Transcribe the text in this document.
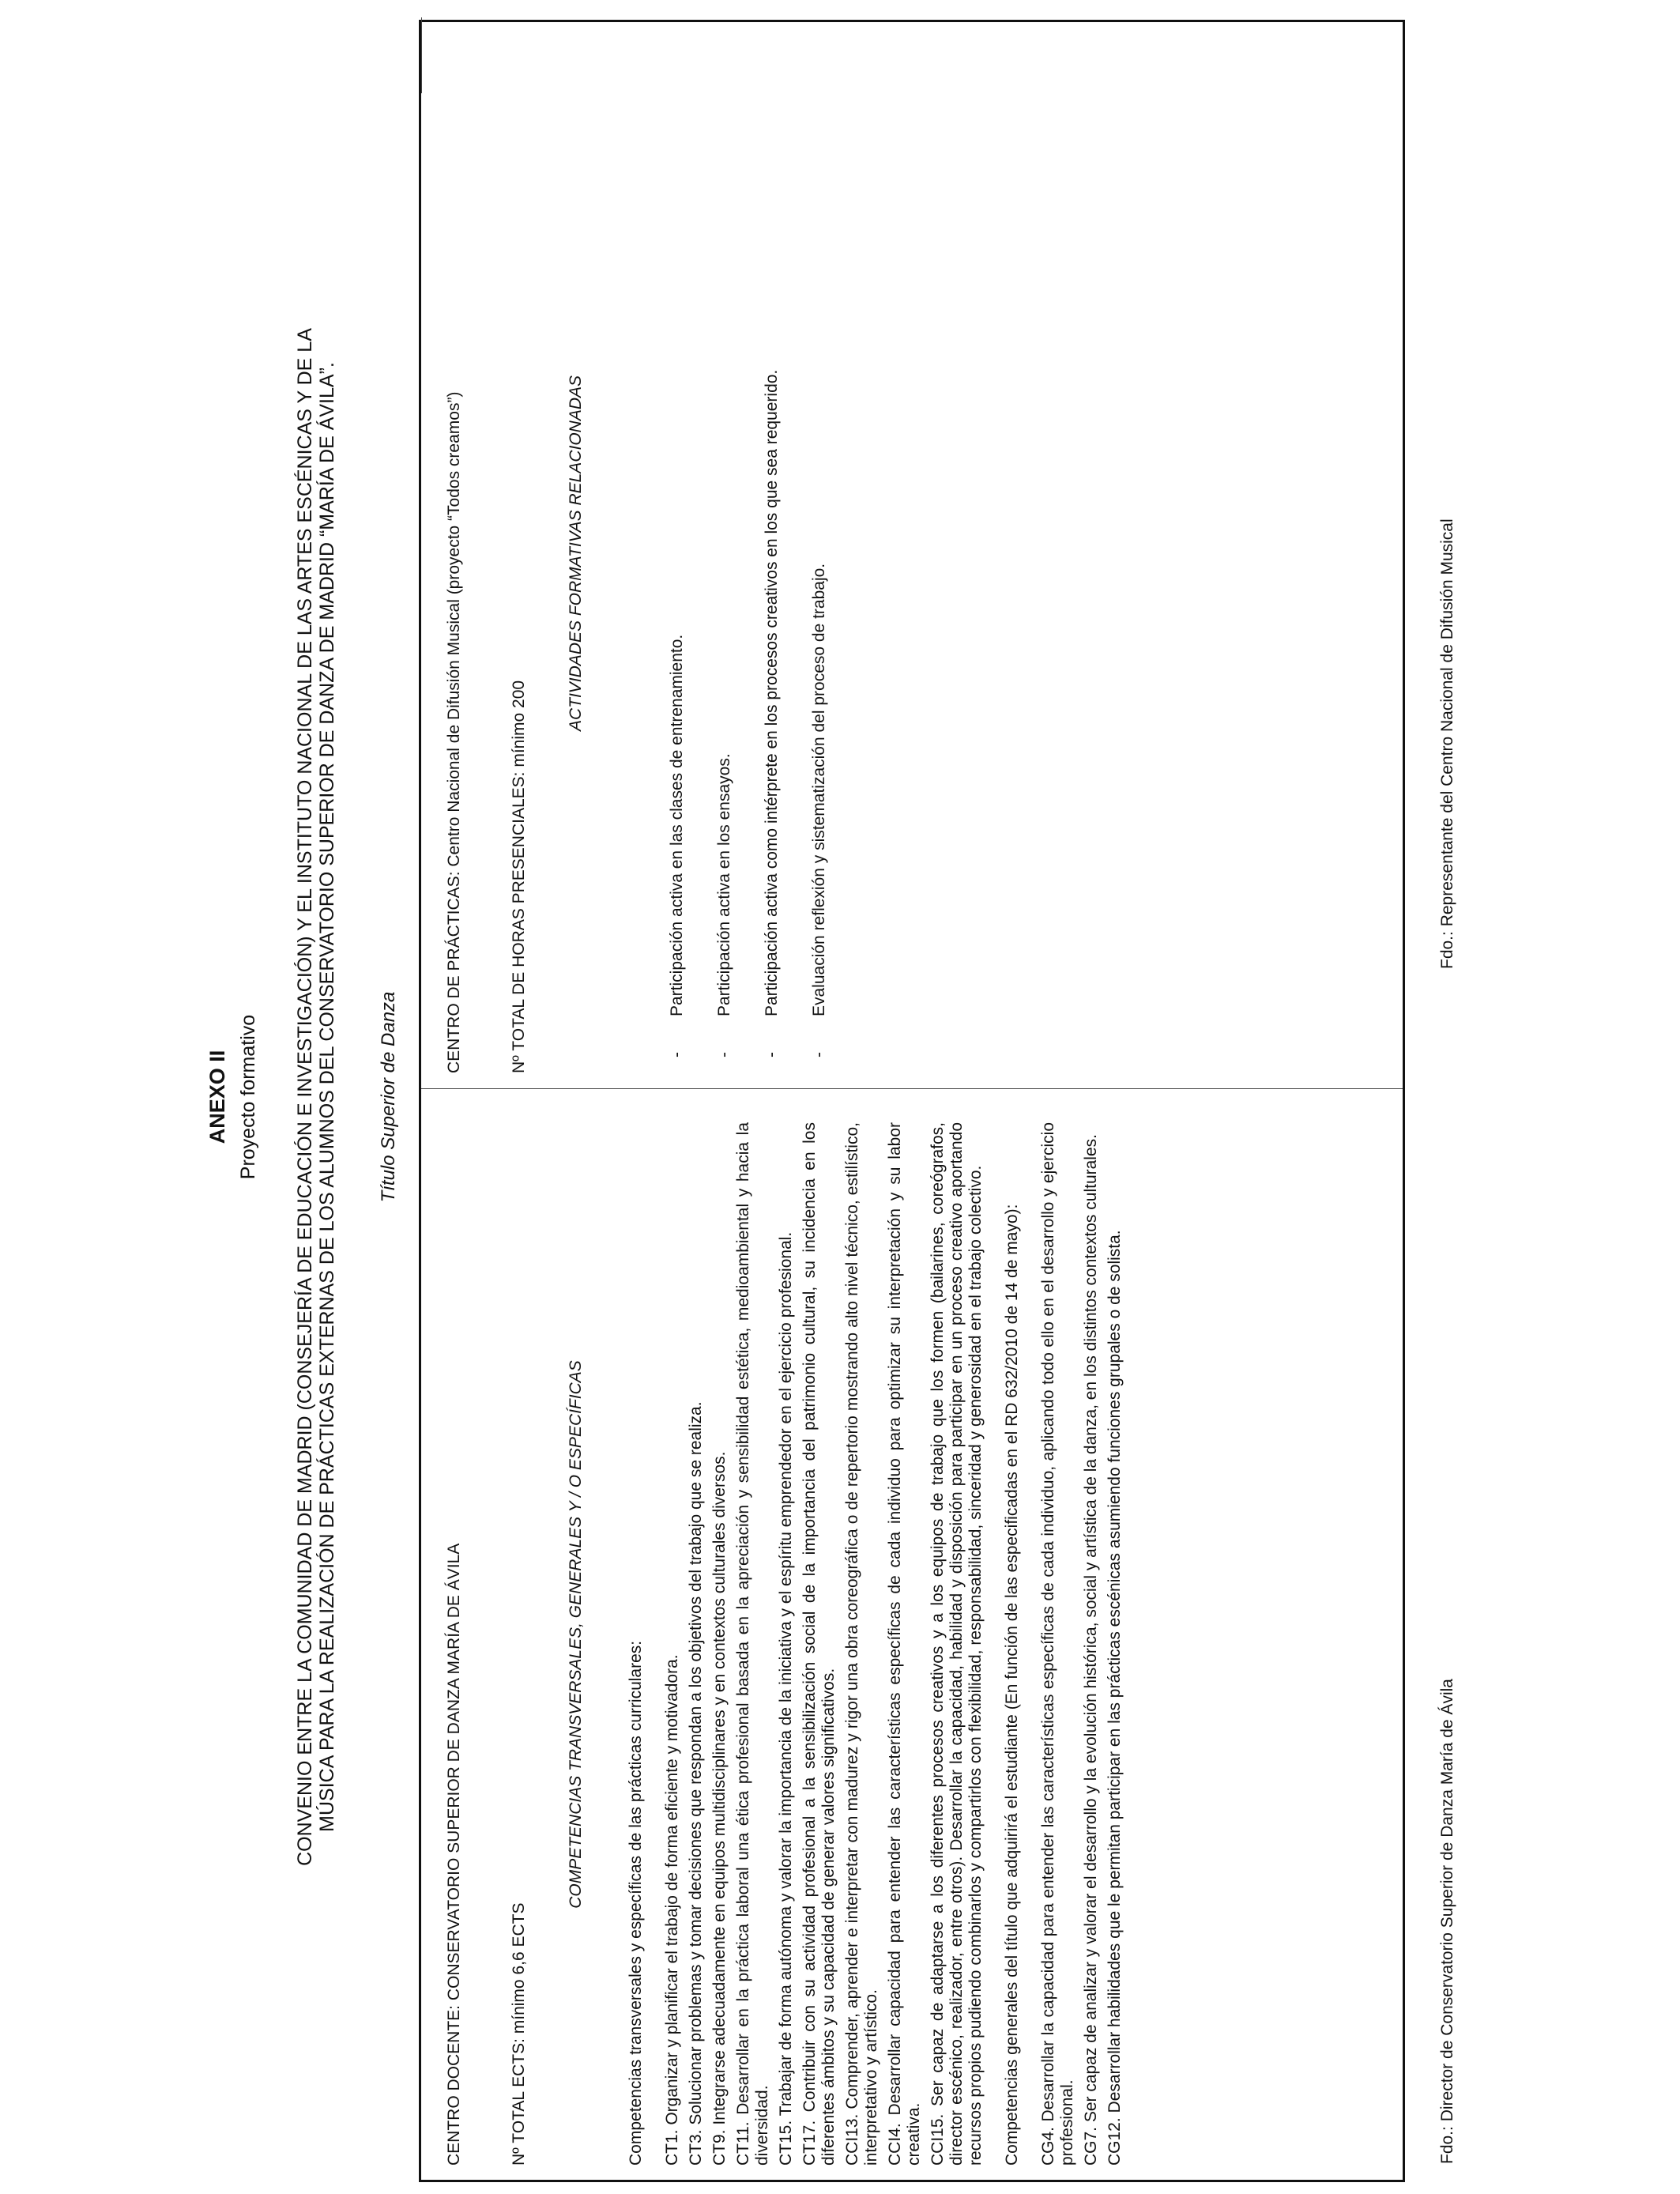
ANEXO II Proyecto formativo CONVENIO ENTRE LA COMUNIDAD DE MADRID (CONSEJERÍA DE EDUCACIÓN E INVESTIGACIÓN) Y EL INSTITUTO NACIONAL DE LAS ARTES ESCÉNICAS Y DE LA MÚSICA PARA LA REALIZACIÓN DE PRÁCTICAS EXTERNAS DE LOS ALUMNOS DEL CONSERVATORIO SUPERIOR DE DANZA DE MADRID “MARÍA DE ÁVILA”. Título Superior de Danza
CENTRO DOCENTE: CONSERVATORIO SUPERIOR DE DANZA MARÍA DE ÁVILA
CENTRO DE PRÁCTICAS: Centro Nacional de Difusión Musical (proyecto “Todos creamos”)
Nº TOTAL ECTS: mínimo 6,6 ECTS
Nº TOTAL DE HORAS PRESENCIALES: mínimo 200
COMPETENCIAS TRANSVERSALES, GENERALES Y / O ESPECÍFICAS
ACTIVIDADES FORMATIVAS RELACIONADAS

Competencias transversales y específicas de las prácticas curriculares: CT1. Organizar y planificar el trabajo de forma eficiente y motivadora. CT3. Solucionar problemas y tomar decisiones que respondan a los objetivos del trabajo que se realiza. CT9. Integrarse adecuadamente en equipos multidisciplinares y en contextos culturales diversos. CT11. Desarrollar en la práctica laboral una ética profesional basada en la apreciación y sensibilidad estética, medioambiental y hacia la diversidad. CT15. Trabajar de forma autónoma y valorar la importancia de la iniciativa y el espíritu emprendedor en el ejercicio profesional. CT17. Contribuir con su actividad profesional a la sensibilización social de la importancia del patrimonio cultural, su incidencia en los diferentes ámbitos y su capacidad de generar valores significativos. CCI13. Comprender, aprender e interpretar con madurez y rigor una obra coreográfica o de repertorio mostrando alto nivel técnico, estilístico, interpretativo y artístico. CCI4. Desarrollar capacidad para entender las características específicas de cada individuo para optimizar su interpretación y su labor creativa. CCI15. Ser capaz de adaptarse a los diferentes procesos creativos y a los equipos de trabajo que los formen (bailarines, coreógrafos, director escénico, realizador, entre otros). Desarrollar la capacidad, habilidad y disposición para participar en un proceso creativo aportando recursos propios pudiendo combinarlos y compartirlos con flexibilidad, responsabilidad, sinceridad y generosidad en el trabajo colectivo. Competencias generales del título que adquirirá el estudiante (En función de las especificadas en el RD 632/2010 de 14 de mayo): CG4. Desarrollar la capacidad para entender las características específicas de cada individuo, aplicando todo ello en el desarrollo y ejercicio profesional. CG7. Ser capaz de analizar y valorar el desarrollo y la evolución histórica, social y artística de la danza, en los distintos contextos culturales. CG12. Desarrollar habilidades que le permitan participar en las prácticas escénicas asumiendo funciones grupales o de solista.

-
Participación activa en las clases de entrenamiento.
-
Participación activa en los ensayos.
-
Participación activa como intérprete en los procesos creativos en los que sea requerido.
-
Evaluación reflexión y sistematización del proceso de trabajo.
Fdo.: Director de Conservatorio Superior de Danza María de Ávila
Fdo.: Representante del Centro Nacional de Difusión Musical
